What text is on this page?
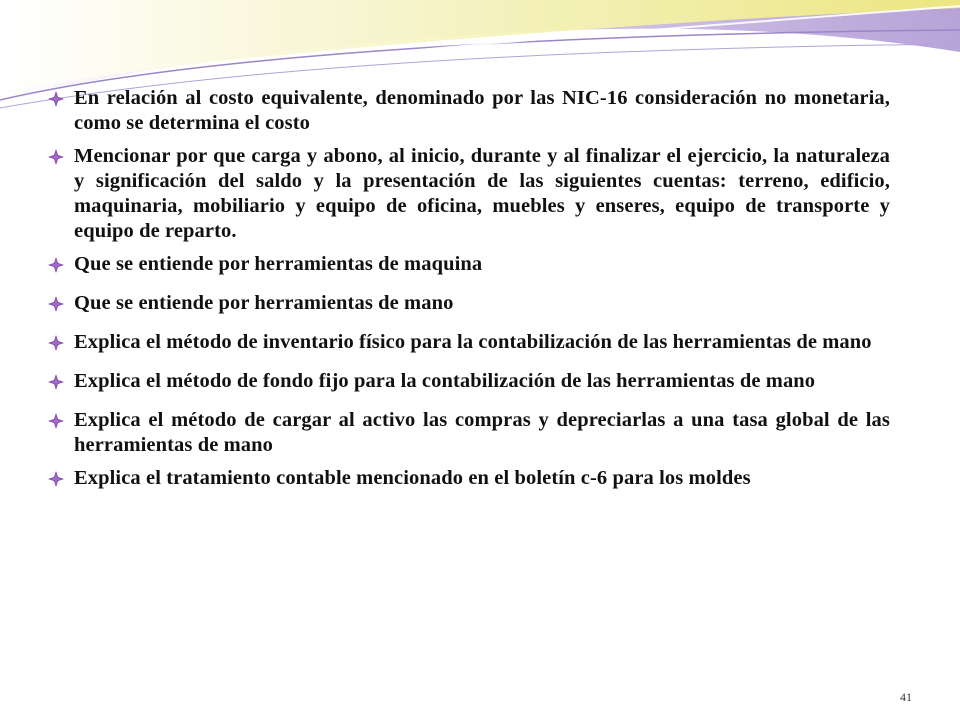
En relación al costo equivalente, denominado por las NIC-16 consideración no monetaria, como se determina el costo
Mencionar por que carga y abono, al inicio, durante y al finalizar el ejercicio, la naturaleza y significación del saldo y la presentación de las siguientes cuentas: terreno, edificio, maquinaria, mobiliario y equipo de oficina, muebles y enseres, equipo de transporte y equipo de reparto.
Que se entiende por herramientas de maquina
Que se entiende por herramientas de mano
Explica el método de inventario físico para la contabilización de las herramientas de mano
Explica el método de fondo fijo para la contabilización de las herramientas de mano
Explica el método de cargar al activo las compras y depreciarlas a una tasa global de las herramientas de mano
Explica el tratamiento contable mencionado en el boletín c-6 para los moldes
41
